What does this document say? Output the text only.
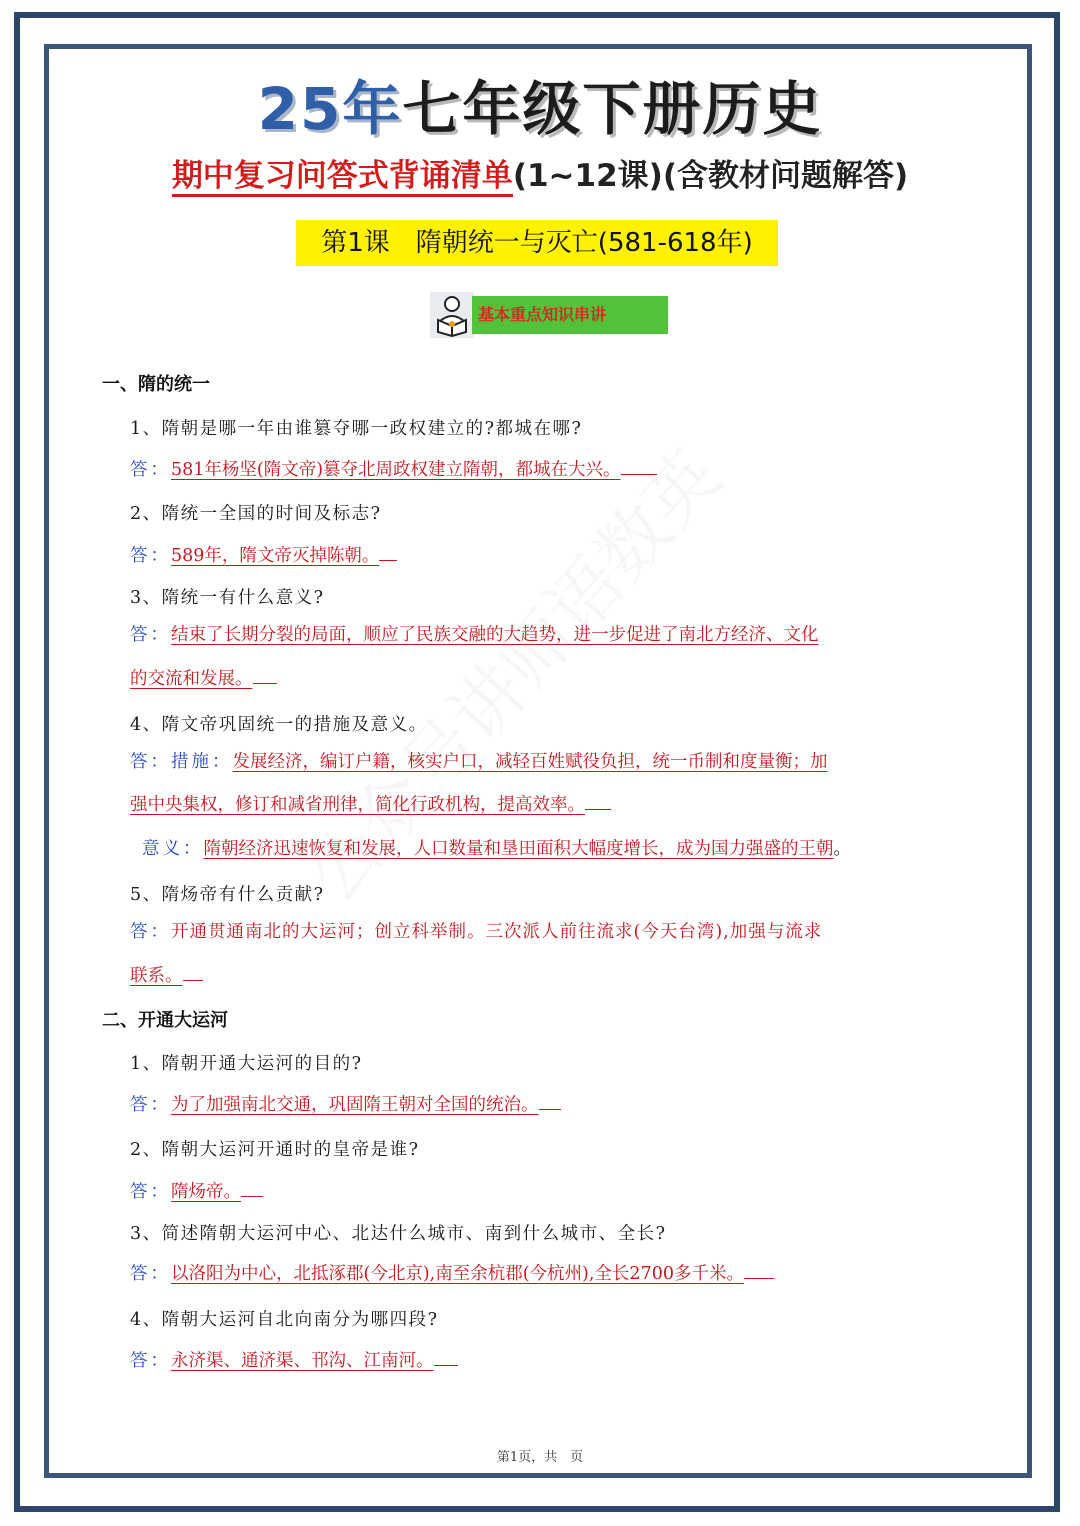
25年七年级下册历史
期中复习问答式背诵清单(1~12课)(含教材问题解答)
第1课　隋朝统一与灭亡(581-618年)
基本重点知识串讲
一、隋的统一
1、隋朝是哪一年由谁篡夺哪一政权建立的?都城在哪?
答：581年杨坚(隋文帝)篡夺北周政权建立隋朝，都城在大兴。
2、隋统一全国的时间及标志?
答：589年，隋文帝灭掉陈朝。
3、隋统一有什么意义?
答：结束了长期分裂的局面，顺应了民族交融的大趋势，进一步促进了南北方经济、文化
的交流和发展。
4、隋文帝巩固统一的措施及意义。
答：措施：发展经济，编订户籍，核实户口，减轻百姓赋役负担，统一币制和度量衡；加
强中央集权，修订和减省刑律，简化行政机构，提高效率。
意义：隋朝经济迅速恢复和发展，人口数量和垦田面积大幅度增长，成为国力强盛的王朝。
5、隋炀帝有什么贡献?
答：开通贯通南北的大运河；创立科举制。三次派人前往流求(今天台湾),加强与流求
联系。
二、开通大运河
1、隋朝开通大运河的目的?
答：为了加强南北交通，巩固隋王朝对全国的统治。
2、隋朝大运河开通时的皇帝是谁?
答：隋炀帝。
3、简述隋朝大运河中心、北达什么城市、南到什么城市、全长?
答：以洛阳为中心，北抵涿郡(今北京),南至余杭郡(今杭州),全长2700多千米。
4、隋朝大运河自北向南分为哪四段?
答：永济渠、通济渠、邗沟、江南河。
第1页，共　页
